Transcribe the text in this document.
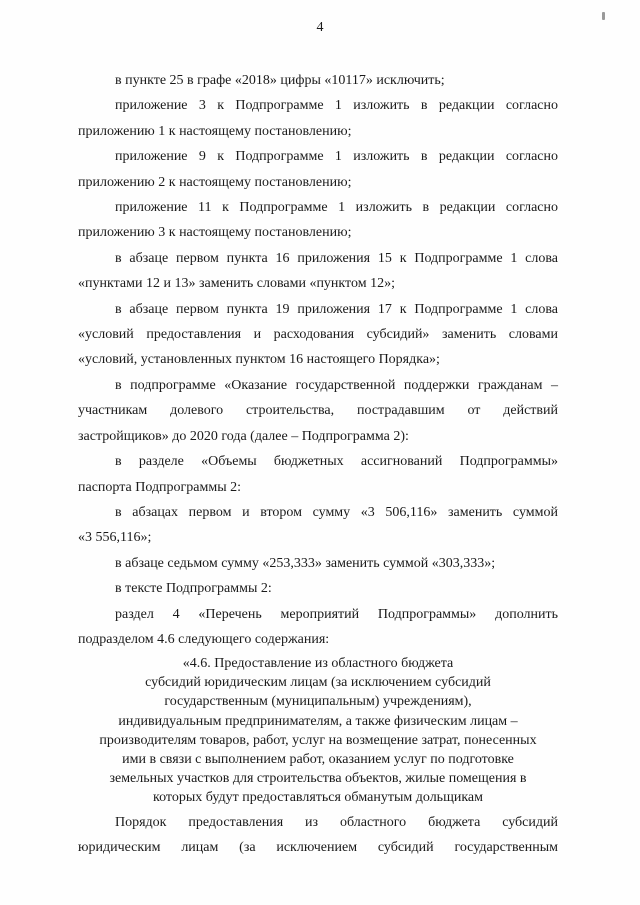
4

в пункте 25 в графе «2018» цифры «10117» исключить;

приложение 3 к Подпрограмме 1 изложить в редакции согласно
приложению 1 к настоящему постановлению;

приложение 9 к Подпрограмме 1 изложить в редакции согласно
приложению 2 к настоящему постановлению;

приложение 11 к Подпрограмме 1 изложить в редакции согласно
приложению 3 к настоящему постановлению;

в абзаце первом пункта 16 приложения 15 к Подпрограмме 1 слова
«пунктами 12 и 13» заменить словами «пунктом 12»;

в абзаце первом пункта 19 приложения 17 к Подпрограмме 1 слова
«условий предоставления и расходования субсидий» заменить словами
«условий, установленных пунктом 16 настоящего Порядка»;

в подпрограмме «Оказание государственной поддержки гражданам –
участникам долевого строительства, пострадавшим от действий
застройщиков» до 2020 года (далее – Подпрограмма 2):

в разделе «Объемы бюджетных ассигнований Подпрограммы»
паспорта Подпрограммы 2:

в абзацах первом и втором сумму «3 506,116» заменить суммой
«3 556,116»;

в абзаце седьмом сумму «253,333» заменить суммой «303,333»;

в тексте Подпрограммы 2:

раздел 4 «Перечень мероприятий Подпрограммы» дополнить
подразделом 4.6 следующего содержания:

«4.6. Предоставление из областного бюджета
субсидий юридическим лицам (за исключением субсидий
государственным (муниципальным) учреждениям),
индивидуальным предпринимателям, а также физическим лицам –
производителям товаров, работ, услуг на возмещение затрат, понесенных
ими в связи с выполнением работ, оказанием услуг по подготовке
земельных участков для строительства объектов, жилые помещения в
которых будут предоставляться обманутым дольщикам

Порядок предоставления из областного бюджета субсидий
юридическим лицам (за исключением субсидий государственным
